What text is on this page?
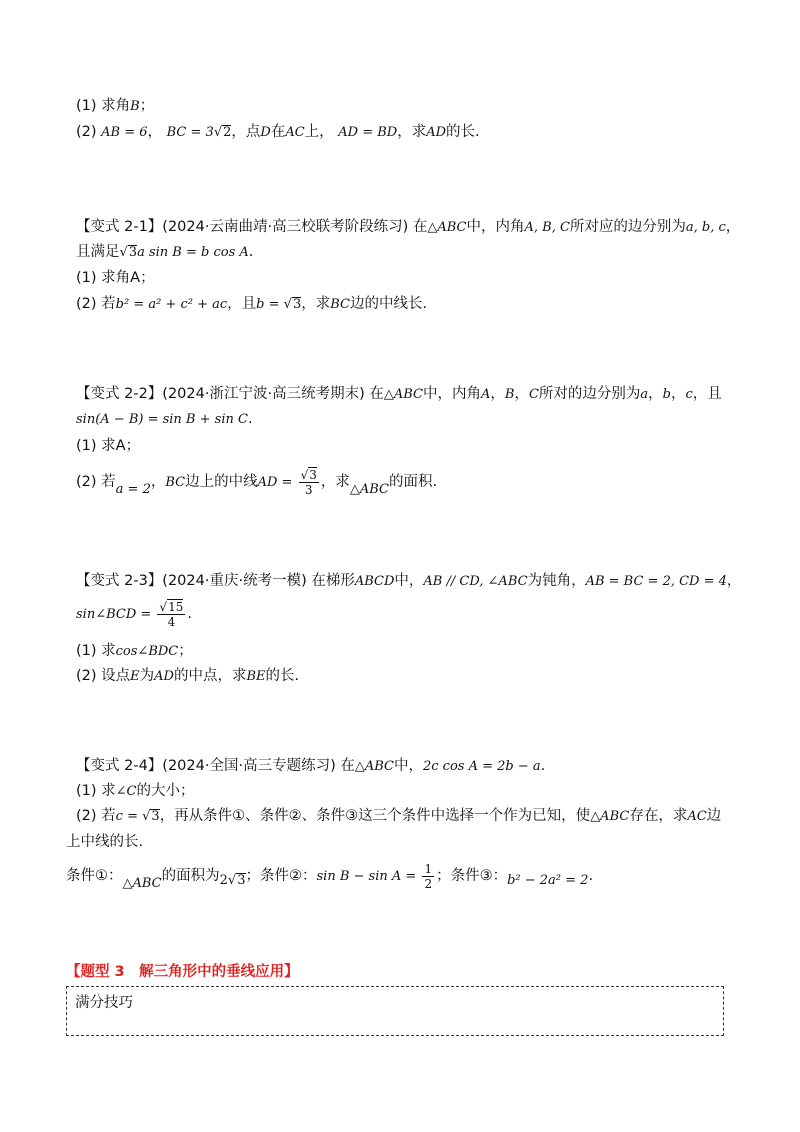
(1) 求角B；
(2) AB = 6， BC = 3√2，点D在AC上， AD = BD，求AD的长.
【变式 2-1】(2024·云南曲靖·高三校联考阶段练习) 在△ABC中，内角A, B, C所对应的边分别为a, b, c，
且满足√3a sin B = b cos A.
(1) 求角A；
(2) 若b² = a² + c² + ac，且b = √3，求BC边的中线长.
【变式 2-2】(2024·浙江宁波·高三统考期末) 在△ABC中，内角A，B，C所对的边分别为a，b，c，且
sin(A − B) = sin B + sin C.
(1) 求A；
(2) 若a = 2，BC边上的中线AD = $\frac{√3}{3}$ ，求△ABC的面积.
【变式 2-3】(2024·重庆·统考一模) 在梯形ABCD中，AB // CD, ∠ABC为钝角，AB = BC = 2, CD = 4，
sin∠BCD = $\frac{√15}{4}$ .
(1) 求cos∠BDC；
(2) 设点E为AD的中点，求BE的长.
【变式 2-4】(2024·全国·高三专题练习) 在△ABC中，2c cos A = 2b − a.
(1) 求∠C的大小；
(2) 若c = √3，再从条件①、条件②、条件③这三个条件中选择一个作为已知，使△ABC存在，求AC边
上中线的长.
条件①：△ABC的面积为2√3；条件②：$\sin B - \sin A = \frac{1}{2}$ ；条件③：b² − 2a² = 2.
【题型 3　解三角形中的垂线应用】
满分技巧
